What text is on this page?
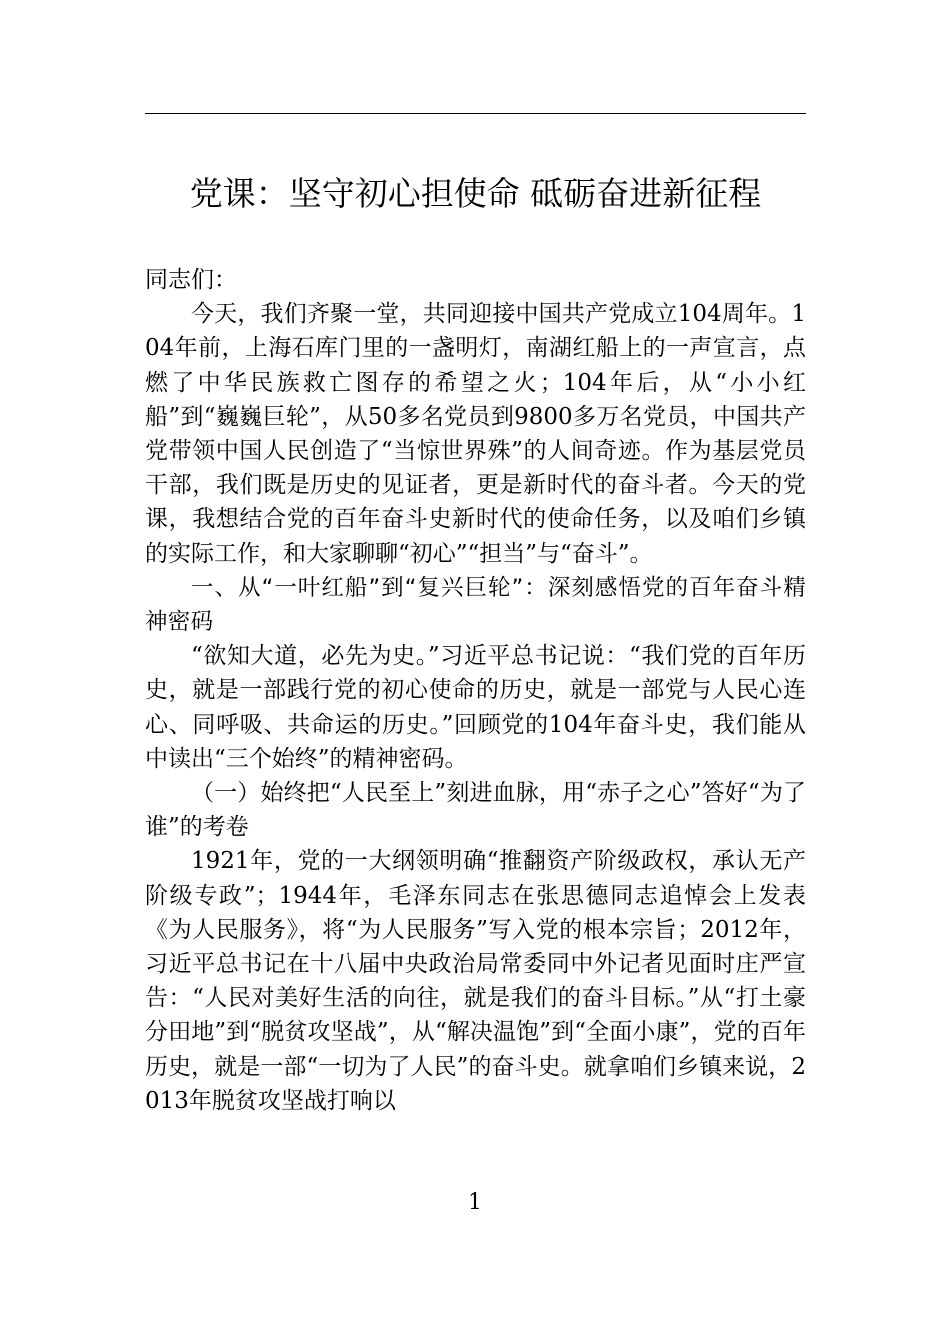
党课：坚守初心担使命 砥砺奋进新征程

同志们：

今天，我们齐聚一堂，共同迎接中国共产党成立104周年。104年前，上海石库门里的一盏明灯，南湖红船上的一声宣言，点燃了中华民族救亡图存的希望之火；104年后，从“小小红船”到“巍巍巨轮”，从50多名党员到9800多万名党员，中国共产党带领中国人民创造了“当惊世界殊”的人间奇迹。作为基层党员干部，我们既是历史的见证者，更是新时代的奋斗者。今天的党课，我想结合党的百年奋斗史新时代的使命任务，以及咱们乡镇的实际工作，和大家聊聊“初心”“担当”与“奋斗”。

一、从“一叶红船”到“复兴巨轮”：深刻感悟党的百年奋斗精神密码

“欲知大道，必先为史。”习近平总书记说：“我们党的百年历史，就是一部践行党的初心使命的历史，就是一部党与人民心连心、同呼吸、共命运的历史。”回顾党的104年奋斗史，我们能从中读出“三个始终”的精神密码。

（一）始终把“人民至上”刻进血脉，用“赤子之心”答好“为了谁”的考卷

1921年，党的一大纲领明确“推翻资产阶级政权，承认无产阶级专政”；1944年，毛泽东同志在张思德同志追悼会上发表《为人民服务》，将“为人民服务”写入党的根本宗旨；2012年，习近平总书记在十八届中央政治局常委同中外记者见面时庄严宣告：“人民对美好生活的向往，就是我们的奋斗目标。”从“打土豪分田地”到“脱贫攻坚战”，从“解决温饱”到“全面小康”，党的百年历史，就是一部“一切为了人民”的奋斗史。就拿咱们乡镇来说，2013年脱贫攻坚战打响以

1
